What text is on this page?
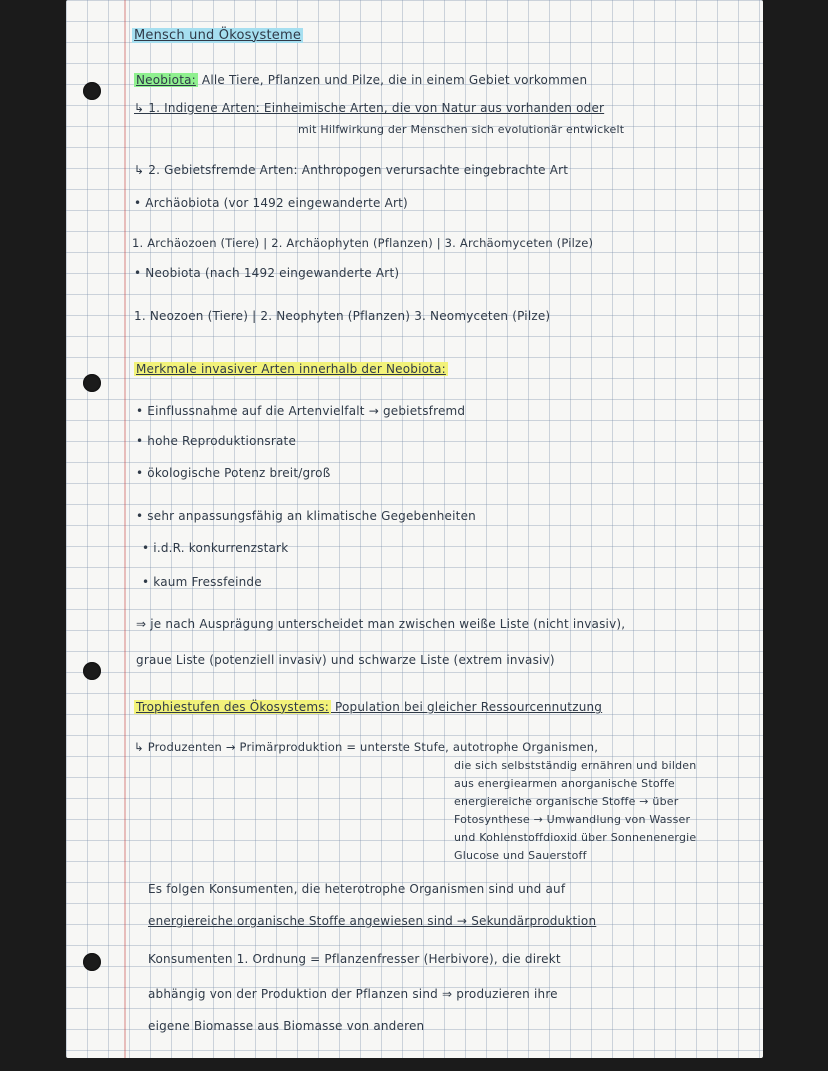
Mensch und Ökosysteme
Neobiota: Alle Tiere, Pflanzen und Pilze, die in einem Gebiet vorkommen
↳ 1. Indigene Arten: Einheimische Arten, die von Natur aus vorhanden oder
mit Hilfwirkung der Menschen sich evolutionär entwickelt
↳ 2. Gebietsfremde Arten: Anthropogen verursachte eingebrachte Art
• Archäobiota (vor 1492 eingewanderte Art)
1. Archäozoen (Tiere) | 2. Archäophyten (Pflanzen) | 3. Archäomyceten (Pilze)
• Neobiota (nach 1492 eingewanderte Art)
1. Neozoen (Tiere) | 2. Neophyten (Pflanzen) 3. Neomyceten (Pilze)
Merkmale invasiver Arten innerhalb der Neobiota:
• Einflussnahme auf die Artenvielfalt → gebietsfremd
• hohe Reproduktionsrate
• ökologische Potenz breit/groß
• sehr anpassungsfähig an klimatische Gegebenheiten
• i.d.R. konkurrenzstark
• kaum Fressfeinde
⇒ je nach Ausprägung unterscheidet man zwischen weiße Liste (nicht invasiv),
graue Liste (potenziell invasiv) und schwarze Liste (extrem invasiv)
Trophiestufen des Ökosystems: Population bei gleicher Ressourcennutzung
↳ Produzenten → Primärproduktion = unterste Stufe, autotrophe Organismen,
die sich selbstständig ernähren und bilden
aus energiearmen anorganische Stoffe
energiereiche organische Stoffe → über
Fotosynthese → Umwandlung von Wasser
und Kohlenstoffdioxid über Sonnenenergie
Glucose und Sauerstoff
Es folgen Konsumenten, die heterotrophe Organismen sind und auf
energiereiche organische Stoffe angewiesen sind → Sekundärproduktion
Konsumenten 1. Ordnung = Pflanzenfresser (Herbivore), die direkt
abhängig von der Produktion der Pflanzen sind ⇒ produzieren ihre
eigene Biomasse aus Biomasse von anderen
